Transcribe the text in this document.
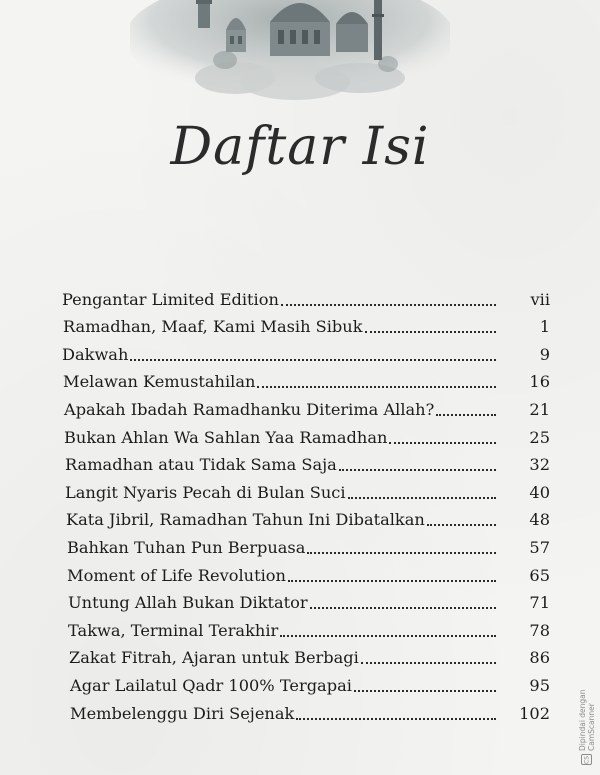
Daftar Isi
Pengantar Limited Edition	vii
Ramadhan, Maaf, Kami Masih Sibuk	1
Dakwah	9
Melawan Kemustahilan	16
Apakah Ibadah Ramadhanku Diterima Allah?	21
Bukan Ahlan Wa Sahlan Yaa Ramadhan	25
Ramadhan atau Tidak Sama Saja	32
Langit Nyaris Pecah di Bulan Suci	40
Kata Jibril, Ramadhan Tahun Ini Dibatalkan	48
Bahkan Tuhan Pun Berpuasa	57
Moment of Life Revolution	65
Untung Allah Bukan Diktator	71
Takwa, Terminal Terakhir	78
Zakat Fitrah, Ajaran untuk Berbagi	86
Agar Lailatul Qadr 100% Tergapai	95
Membelenggu Diri Sejenak	102
CS
Dipindai dengan CamScanner
